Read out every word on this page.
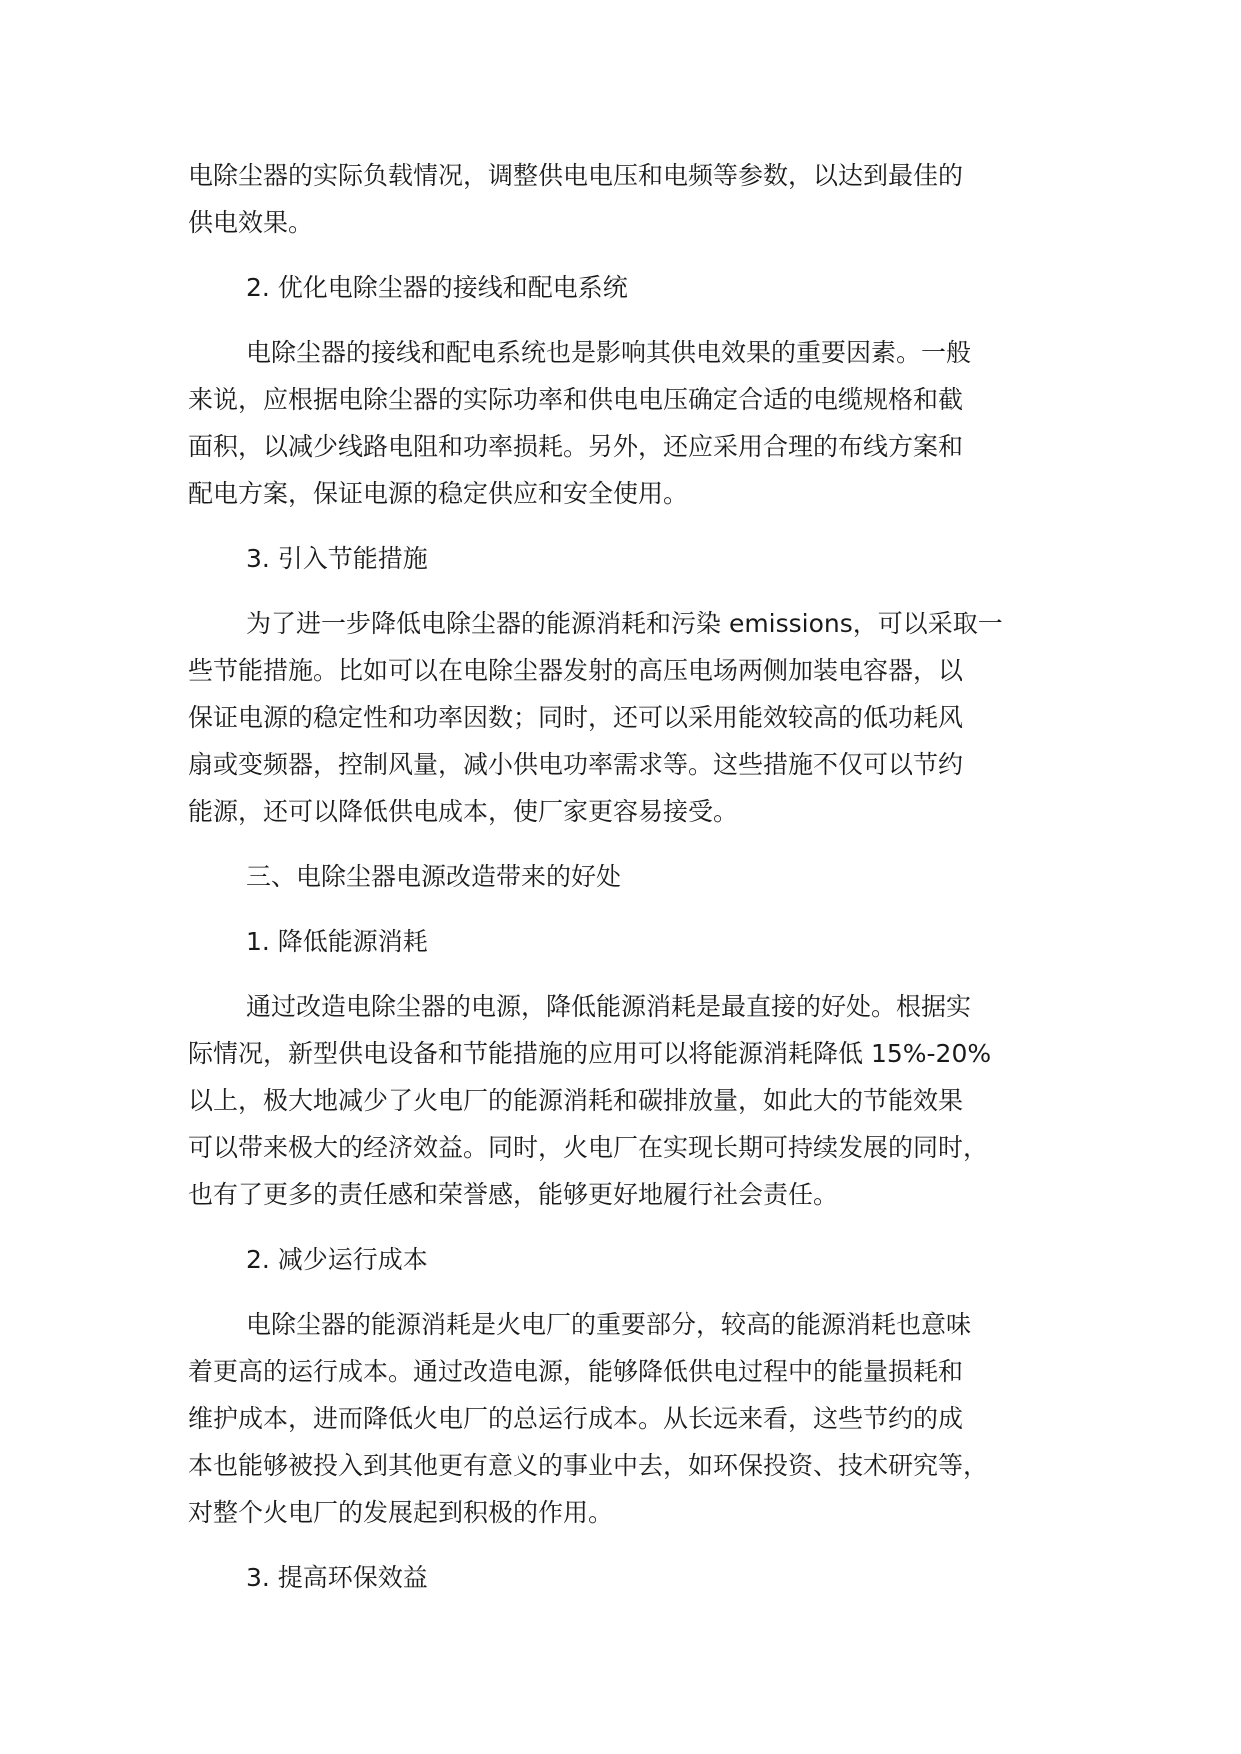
电除尘器的实际负载情况，调整供电电压和电频等参数，以达到最佳的
供电效果。
2. 优化电除尘器的接线和配电系统
电除尘器的接线和配电系统也是影响其供电效果的重要因素。一般
来说，应根据电除尘器的实际功率和供电电压确定合适的电缆规格和截
面积，以减少线路电阻和功率损耗。另外，还应采用合理的布线方案和
配电方案，保证电源的稳定供应和安全使用。
3. 引入节能措施
为了进一步降低电除尘器的能源消耗和污染 emissions，可以采取一
些节能措施。比如可以在电除尘器发射的高压电场两侧加装电容器，以
保证电源的稳定性和功率因数；同时，还可以采用能效较高的低功耗风
扇或变频器，控制风量，减小供电功率需求等。这些措施不仅可以节约
能源，还可以降低供电成本，使厂家更容易接受。
三、电除尘器电源改造带来的好处
1. 降低能源消耗
通过改造电除尘器的电源，降低能源消耗是最直接的好处。根据实
际情况，新型供电设备和节能措施的应用可以将能源消耗降低 15%-20%
以上，极大地减少了火电厂的能源消耗和碳排放量，如此大的节能效果
可以带来极大的经济效益。同时，火电厂在实现长期可持续发展的同时，
也有了更多的责任感和荣誉感，能够更好地履行社会责任。
2. 减少运行成本
电除尘器的能源消耗是火电厂的重要部分，较高的能源消耗也意味
着更高的运行成本。通过改造电源，能够降低供电过程中的能量损耗和
维护成本，进而降低火电厂的总运行成本。从长远来看，这些节约的成
本也能够被投入到其他更有意义的事业中去，如环保投资、技术研究等，
对整个火电厂的发展起到积极的作用。
3. 提高环保效益
